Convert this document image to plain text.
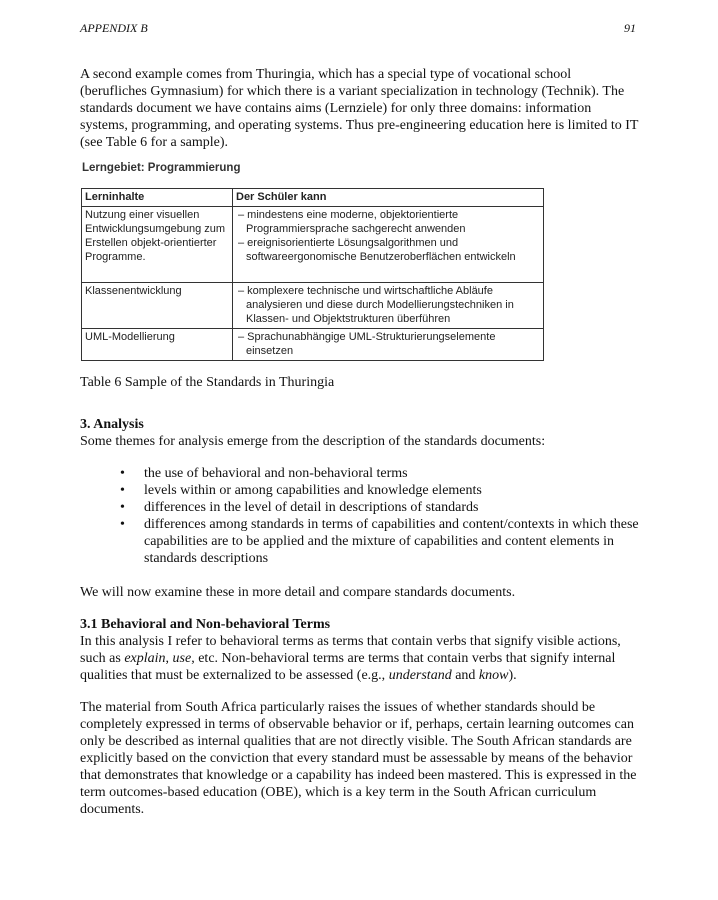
APPENDIX B	91

A second example comes from Thuringia, which has a special type of vocational school (berufliches Gymnasium) for which there is a variant specialization in technology (Technik). The standards document we have contains aims (Lernziele) for only three domains: information systems, programming, and operating systems. Thus pre-engineering education here is limited to IT (see Table 6 for a sample).

Lerngebiet: Programmierung
Lerninhalte	Der Schüler kann
Nutzung einer visuellen Entwicklungsumgebung zum Erstellen objekt-orientierter Programme.	– mindestens eine moderne, objektorientierte Programmiersprache sachgerecht anwenden
– ereignisorientierte Lösungsalgorithmen und softwareergonomische Benutzeroberflächen entwickeln

Klassenentwicklung	– komplexere technische und wirtschaftliche Abläufe analysieren und diese durch Modellierungstechniken in Klassen- und Objektstrukturen überführen

UML-Modellierung	– Sprachunabhängige UML-Strukturierungselemente einsetzen

Table 6 Sample of the Standards in Thuringia

3. Analysis

Some themes for analysis emerge from the description of the standards documents:

• the use of behavioral and non-behavioral terms
• levels within or among capabilities and knowledge elements
• differences in the level of detail in descriptions of standards
• differences among standards in terms of capabilities and content/contexts in which these capabilities are to be applied and the mixture of capabilities and content elements in standards descriptions

We will now examine these in more detail and compare standards documents.

3.1 Behavioral and Non-behavioral Terms

In this analysis I refer to behavioral terms as terms that contain verbs that signify visible actions, such as explain, use, etc. Non-behavioral terms are terms that contain verbs that signify internal qualities that must be externalized to be assessed (e.g., understand and know).

The material from South Africa particularly raises the issues of whether standards should be completely expressed in terms of observable behavior or if, perhaps, certain learning outcomes can only be described as internal qualities that are not directly visible. The South African standards are explicitly based on the conviction that every standard must be assessable by means of the behavior that demonstrates that knowledge or a capability has indeed been mastered. This is expressed in the term outcomes-based education (OBE), which is a key term in the South African curriculum documents.
